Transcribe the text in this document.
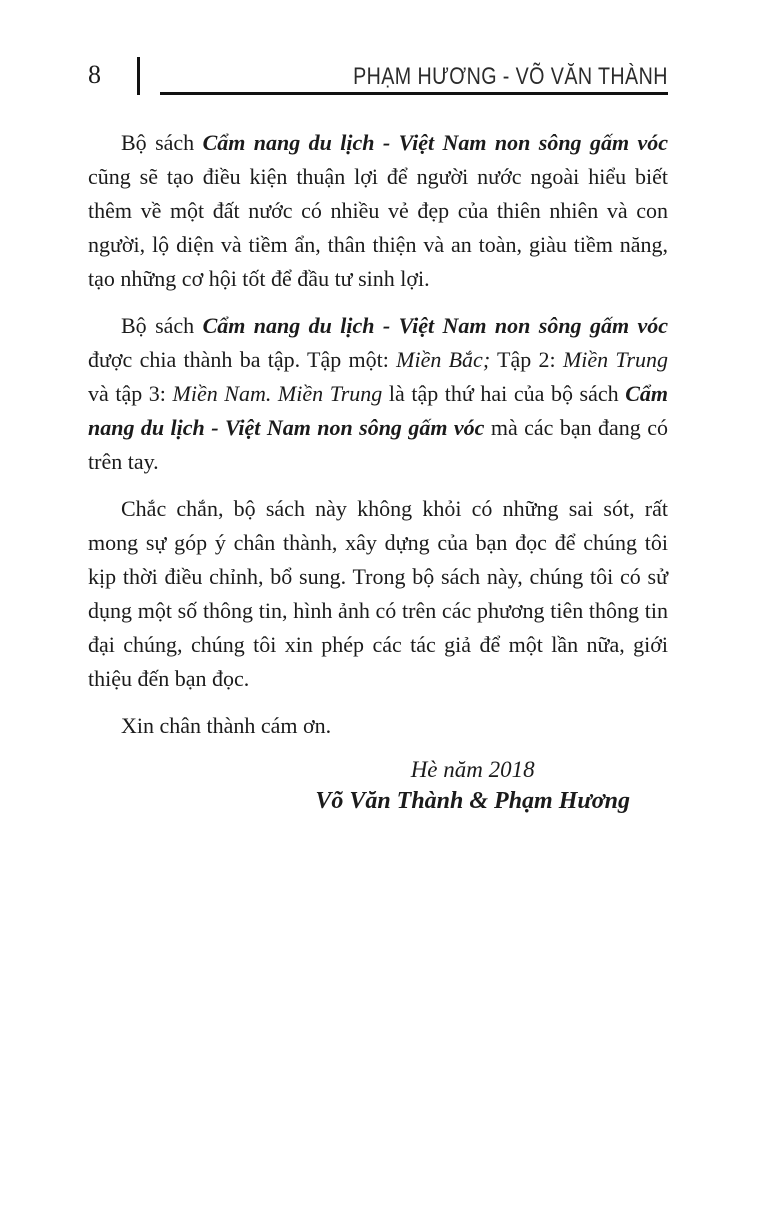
8	PHẠM HƯƠNG - VÕ VĂN THÀNH

Bộ sách Cẩm nang du lịch - Việt Nam non sông gấm vóc cũng sẽ tạo điều kiện thuận lợi để người nước ngoài hiểu biết thêm về một đất nước có nhiều vẻ đẹp của thiên nhiên và con người, lộ diện và tiềm ẩn, thân thiện và an toàn, giàu tiềm năng, tạo những cơ hội tốt để đầu tư sinh lợi.

Bộ sách Cẩm nang du lịch - Việt Nam non sông gấm vóc được chia thành ba tập. Tập một: Miền Bắc; Tập 2: Miền Trung và tập 3: Miền Nam. Miền Trung là tập thứ hai của bộ sách Cẩm nang du lịch - Việt Nam non sông gấm vóc mà các bạn đang có trên tay.

Chắc chắn, bộ sách này không khỏi có những sai sót, rất mong sự góp ý chân thành, xây dựng của bạn đọc để chúng tôi kịp thời điều chỉnh, bổ sung. Trong bộ sách này, chúng tôi có sử dụng một số thông tin, hình ảnh có trên các phương tiên thông tin đại chúng, chúng tôi xin phép các tác giả để một lần nữa, giới thiệu đến bạn đọc.

Xin chân thành cám ơn.

Hè năm 2018
Võ Văn Thành & Phạm Hương
